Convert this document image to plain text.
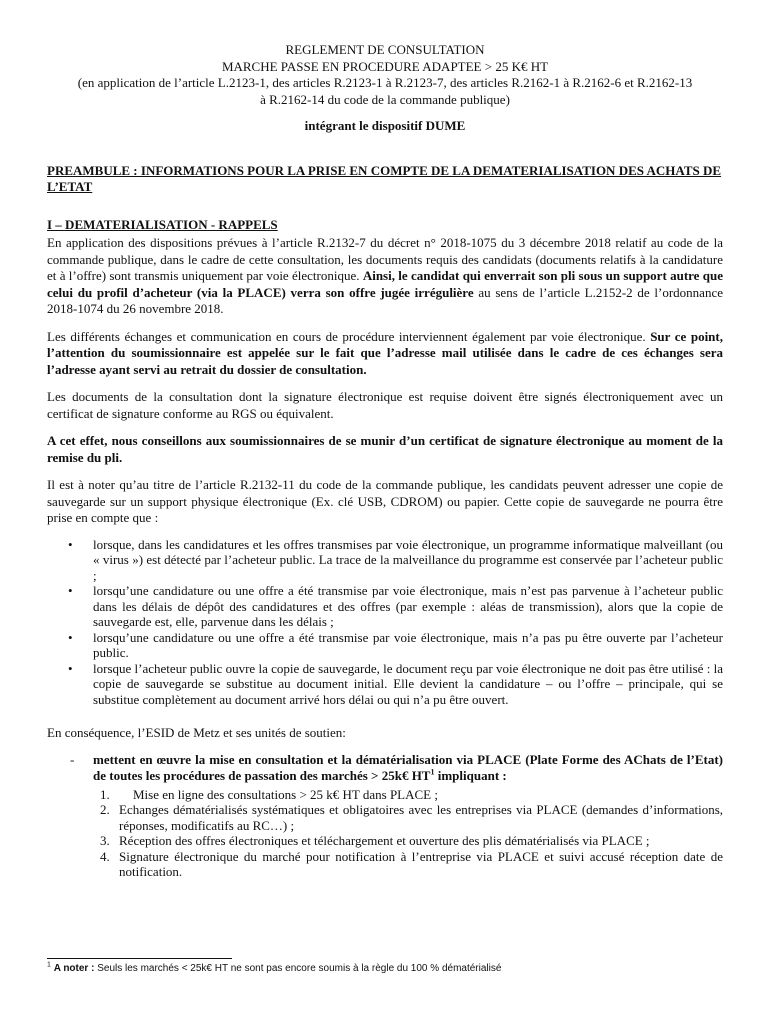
REGLEMENT DE CONSULTATION
MARCHE PASSE EN PROCEDURE ADAPTEE > 25 K€ HT
(en application de l’article L.2123-1, des articles R.2123-1 à R.2123-7, des articles R.2162-1 à R.2162-6 et R.2162-13
à R.2162-14 du code de la commande publique)
intégrant le dispositif DUME
PREAMBULE : INFORMATIONS POUR LA PRISE EN COMPTE DE LA DEMATERIALISATION DES ACHATS DE L’ETAT
I – DEMATERIALISATION - RAPPELS

En application des dispositions prévues à l’article R.2132-7 du décret n° 2018-1075 du 3 décembre 2018 relatif au code de la commande publique, dans le cadre de cette consultation, les documents requis des candidats (documents relatifs à la candidature et à l’offre) sont transmis uniquement par voie électronique. Ainsi, le candidat qui enverrait son pli sous un support autre que celui du profil d’acheteur (via la PLACE) verra son offre jugée irrégulière au sens de l’article L.2152-2 de l’ordonnance 2018-1074 du 26 novembre 2018.

Les différents échanges et communication en cours de procédure interviennent également par voie électronique. Sur ce point, l’attention du soumissionnaire est appelée sur le fait que l’adresse mail utilisée dans le cadre de ces échanges sera l’adresse ayant servi au retrait du dossier de consultation.

Les documents de la consultation dont la signature électronique est requise doivent être signés électroniquement avec un certificat de signature conforme au RGS ou équivalent.

A cet effet, nous conseillons aux soumissionnaires de se munir d’un certificat de signature électronique au moment de la remise du pli.

Il est à noter qu’au titre de l’article R.2132-11 du code de la commande publique, les candidats peuvent adresser une copie de sauvegarde sur un support physique électronique (Ex. clé USB, CDROM) ou papier. Cette copie de sauvegarde ne pourra être prise en compte que :

• lorsque, dans les candidatures et les offres transmises par voie électronique, un programme informatique malveillant (ou « virus ») est détecté par l’acheteur public. La trace de la malveillance du programme est conservée par l’acheteur public ;
• lorsqu’une candidature ou une offre a été transmise par voie électronique, mais n’est pas parvenue à l’acheteur public dans les délais de dépôt des candidatures et des offres (par exemple : aléas de transmission), alors que la copie de sauvegarde est, elle, parvenue dans les délais ;
• lorsqu’une candidature ou une offre a été transmise par voie électronique, mais n’a pas pu être ouverte par l’acheteur public.
• lorsque l’acheteur public ouvre la copie de sauvegarde, le document reçu par voie électronique ne doit pas être utilisé : la copie de sauvegarde se substitue au document initial. Elle devient la candidature – ou l’offre – principale, qui se substitue complètement au document arrivé hors délai ou qui n’a pu être ouvert.

En conséquence, l’ESID de Metz et ses unités de soutien:

- mettent en œuvre la mise en consultation et la dématérialisation via PLACE (Plate Forme des AChats de l’Etat) de toutes les procédures de passation des marchés > 25k€ $HT^1$ impliquant :
1. Mise en ligne des consultations > 25 k€ HT dans PLACE ;
2. Echanges dématérialisés systématiques et obligatoires avec les entreprises via PLACE (demandes d’informations, réponses, modificatifs au RC…) ;
3. Réception des offres électroniques et téléchargement et ouverture des plis dématérialisés via PLACE ;
4. Signature électronique du marché pour notification à l’entreprise via PLACE et suivi accusé réception date de notification.
$^1$ A noter : Seuls les marchés < 25k€ HT ne sont pas encore soumis à la règle du 100 % dématérialisé
